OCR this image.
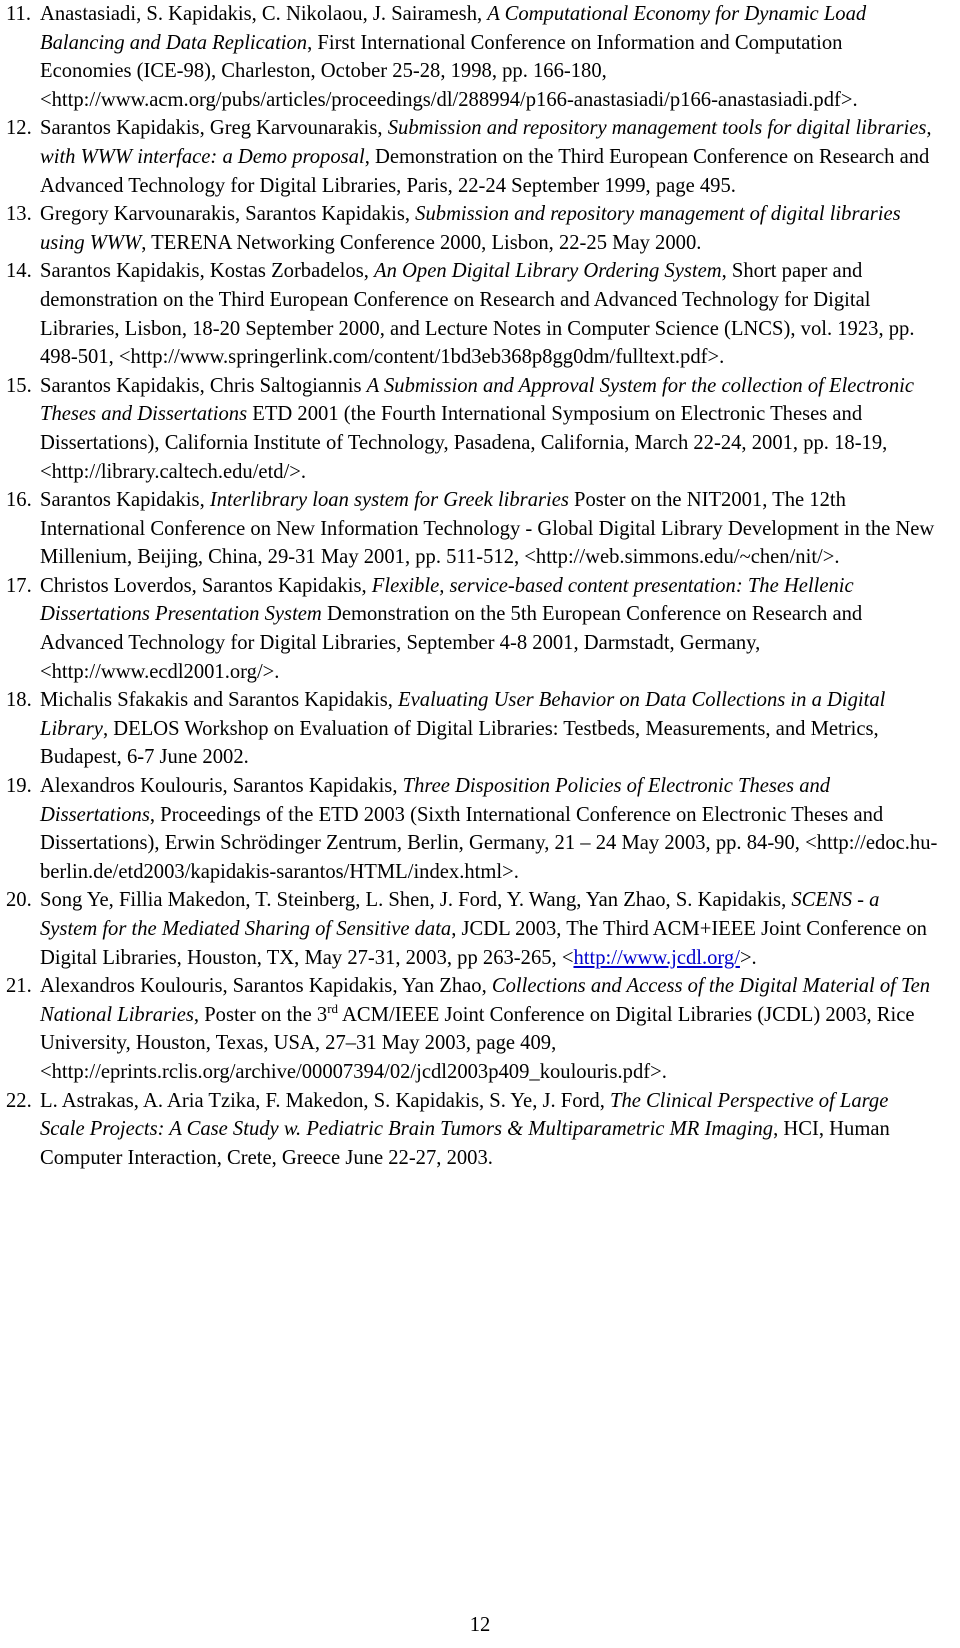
11. Anastasiadi, S. Kapidakis, C. Nikolaou, J. Sairamesh, A Computational Economy for Dynamic Load Balancing and Data Replication, First International Conference on Information and Computation Economies (ICE-98), Charleston, October 25-28, 1998, pp. 166-180, <http://www.acm.org/pubs/articles/proceedings/dl/288994/p166-anastasiadi/p166-anastasiadi.pdf>.
12. Sarantos Kapidakis, Greg Karvounarakis, Submission and repository management tools for digital libraries, with WWW interface: a Demo proposal, Demonstration on the Third European Conference on Research and Advanced Technology for Digital Libraries, Paris, 22-24 September 1999, page 495.
13. Gregory Karvounarakis, Sarantos Kapidakis, Submission and repository management of digital libraries using WWW, TERENA Networking Conference 2000, Lisbon, 22-25 May 2000.
14. Sarantos Kapidakis, Kostas Zorbadelos, An Open Digital Library Ordering System, Short paper and demonstration on the Third European Conference on Research and Advanced Technology for Digital Libraries, Lisbon, 18-20 September 2000, and Lecture Notes in Computer Science (LNCS), vol. 1923, pp. 498-501, <http://www.springerlink.com/content/1bd3eb368p8gg0dm/fulltext.pdf>.
15. Sarantos Kapidakis, Chris Saltogiannis A Submission and Approval System for the collection of Electronic Theses and Dissertations ETD 2001 (the Fourth International Symposium on Electronic Theses and Dissertations), California Institute of Technology, Pasadena, California, March 22-24, 2001, pp. 18-19, <http://library.caltech.edu/etd/>.
16. Sarantos Kapidakis, Interlibrary loan system for Greek libraries Poster on the NIT2001, The 12th International Conference on New Information Technology - Global Digital Library Development in the New Millenium, Beijing, China, 29-31 May 2001, pp. 511-512, <http://web.simmons.edu/~chen/nit/>.
17. Christos Loverdos, Sarantos Kapidakis, Flexible, service-based content presentation: The Hellenic Dissertations Presentation System Demonstration on the 5th European Conference on Research and Advanced Technology for Digital Libraries, September 4-8 2001, Darmstadt, Germany, <http://www.ecdl2001.org/>.
18. Michalis Sfakakis and Sarantos Kapidakis, Evaluating User Behavior on Data Collections in a Digital Library, DELOS Workshop on Evaluation of Digital Libraries: Testbeds, Measurements, and Metrics, Budapest, 6-7 June 2002.
19. Alexandros Koulouris, Sarantos Kapidakis, Three Disposition Policies of Electronic Theses and Dissertations, Proceedings of the ETD 2003 (Sixth International Conference on Electronic Theses and Dissertations), Erwin Schrödinger Zentrum, Berlin, Germany, 21 – 24 May 2003, pp. 84-90, <http://edoc.hu-berlin.de/etd2003/kapidakis-sarantos/HTML/index.html>.
20. Song Ye, Fillia Makedon, T. Steinberg, L. Shen, J. Ford, Y. Wang, Yan Zhao, S. Kapidakis, SCENS - a System for the Mediated Sharing of Sensitive data, JCDL 2003, The Third ACM+IEEE Joint Conference on Digital Libraries, Houston, TX, May 27-31, 2003, pp 263-265, <http://www.jcdl.org/>.
21. Alexandros Koulouris, Sarantos Kapidakis, Yan Zhao, Collections and Access of the Digital Material of Ten National Libraries, Poster on the 3rd ACM/IEEE Joint Conference on Digital Libraries (JCDL) 2003, Rice University, Houston, Texas, USA, 27–31 May 2003, page 409, <http://eprints.rclis.org/archive/00007394/02/jcdl2003p409_koulouris.pdf>.
22. L. Astrakas, A. Aria Tzika, F. Makedon, S. Kapidakis, S. Ye, J. Ford, The Clinical Perspective of Large Scale Projects: A Case Study w. Pediatric Brain Tumors & Multiparametric MR Imaging, HCI, Human Computer Interaction, Crete, Greece June 22-27, 2003.
12
